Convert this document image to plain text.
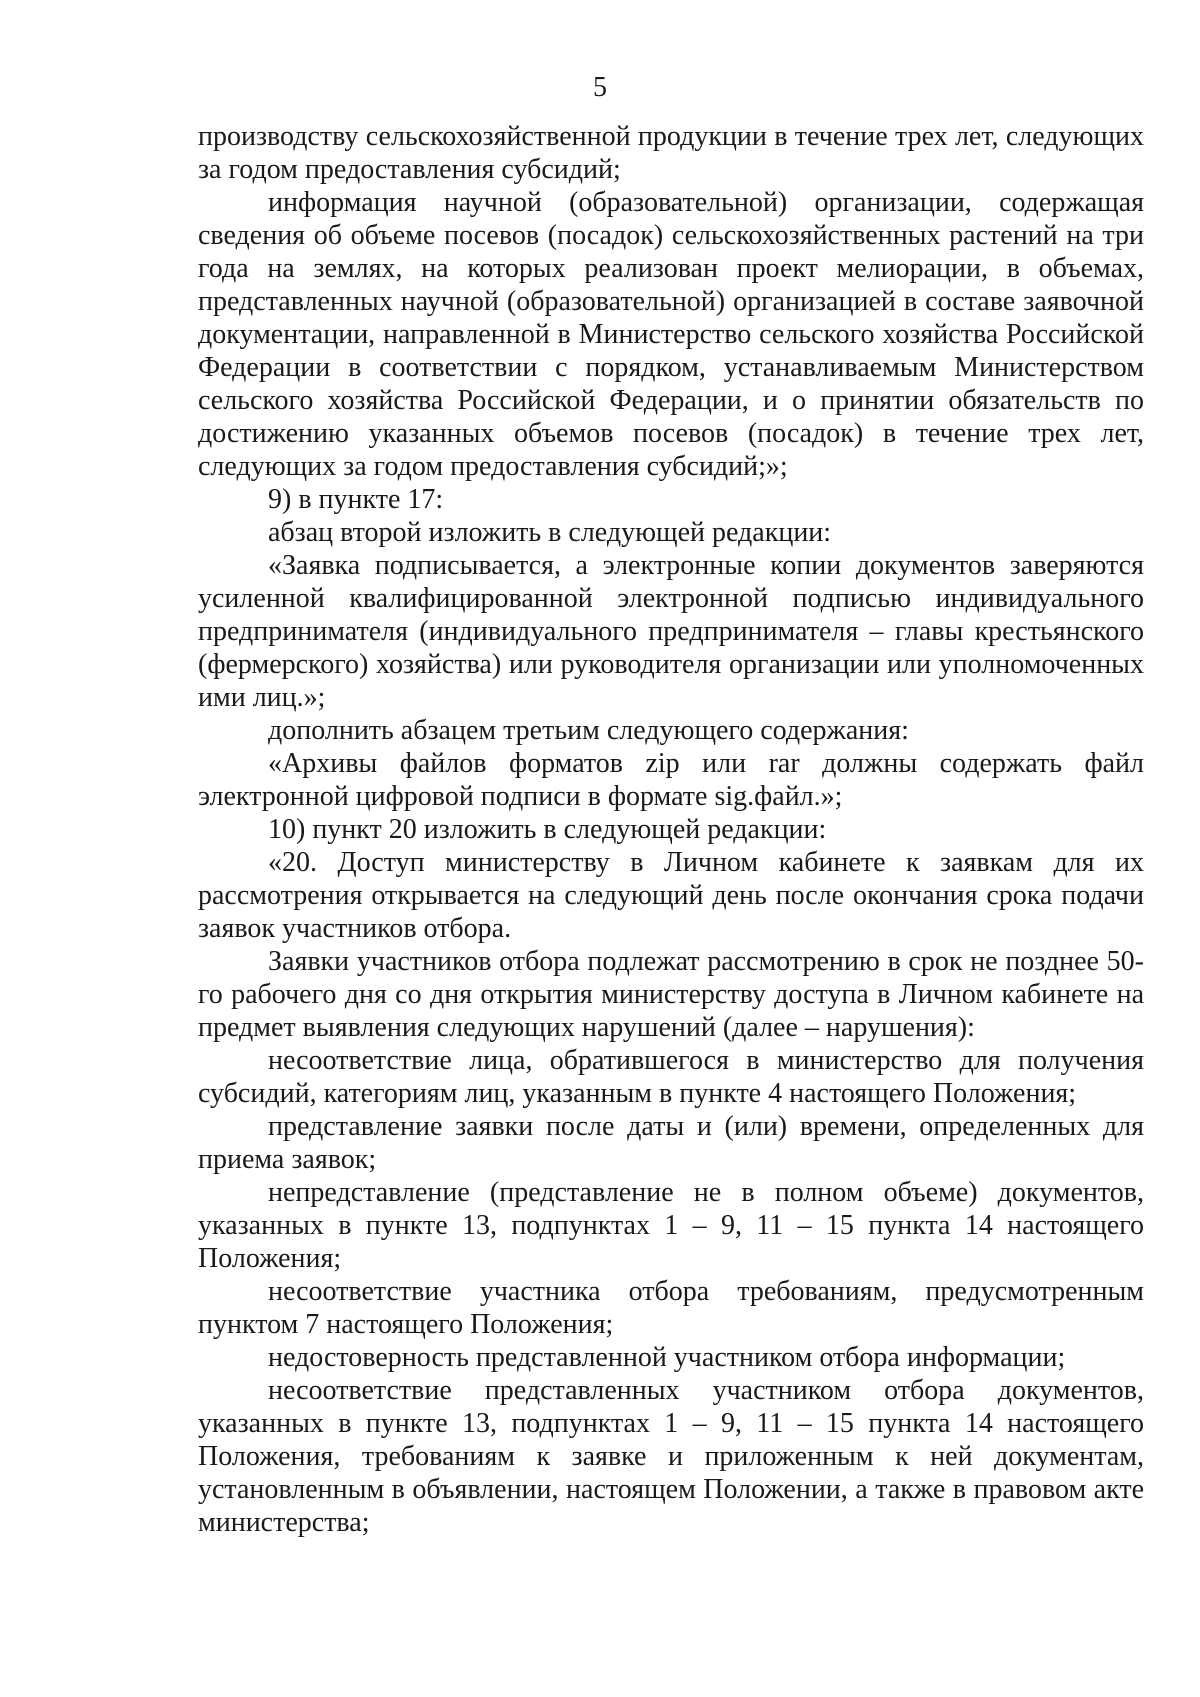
5

производству сельскохозяйственной продукции в течение трех лет, следующих за годом предоставления субсидий;

информация научной (образовательной) организации, содержащая сведения об объеме посевов (посадок) сельскохозяйственных растений на три года на землях, на которых реализован проект мелиорации, в объемах, представленных научной (образовательной) организацией в составе заявочной документации, направленной в Министерство сельского хозяйства Российской Федерации в соответствии с порядком, устанавливаемым Министерством сельского хозяйства Российской Федерации, и о принятии обязательств по достижению указанных объемов посевов (посадок) в течение трех лет, следующих за годом предоставления субсидий;»;

9) в пункте 17:

абзац второй изложить в следующей редакции:

«Заявка подписывается, а электронные копии документов заверяются усиленной квалифицированной электронной подписью индивидуального предпринимателя (индивидуального предпринимателя – главы крестьянского (фермерского) хозяйства) или руководителя организации или уполномоченных ими лиц.»;

дополнить абзацем третьим следующего содержания:

«Архивы файлов форматов zip или rar должны содержать файл электронной цифровой подписи в формате sig.файл.»;

10) пункт 20 изложить в следующей редакции:

«20. Доступ министерству в Личном кабинете к заявкам для их рассмотрения открывается на следующий день после окончания срока подачи заявок участников отбора.

Заявки участников отбора подлежат рассмотрению в срок не позднее 50-го рабочего дня со дня открытия министерству доступа в Личном кабинете на предмет выявления следующих нарушений (далее – нарушения):

несоответствие лица, обратившегося в министерство для получения субсидий, категориям лиц, указанным в пункте 4 настоящего Положения;

представление заявки после даты и (или) времени, определенных для приема заявок;

непредставление (представление не в полном объеме) документов, указанных в пункте 13, подпунктах 1 – 9, 11 – 15 пункта 14 настоящего Положения;

несоответствие участника отбора требованиям, предусмотренным пунктом 7 настоящего Положения;

недостоверность представленной участником отбора информации;

несоответствие представленных участником отбора документов, указанных в пункте 13, подпунктах 1 – 9, 11 – 15 пункта 14 настоящего Положения, требованиям к заявке и приложенным к ней документам, установленным в объявлении, настоящем Положении, а также в правовом акте министерства;
